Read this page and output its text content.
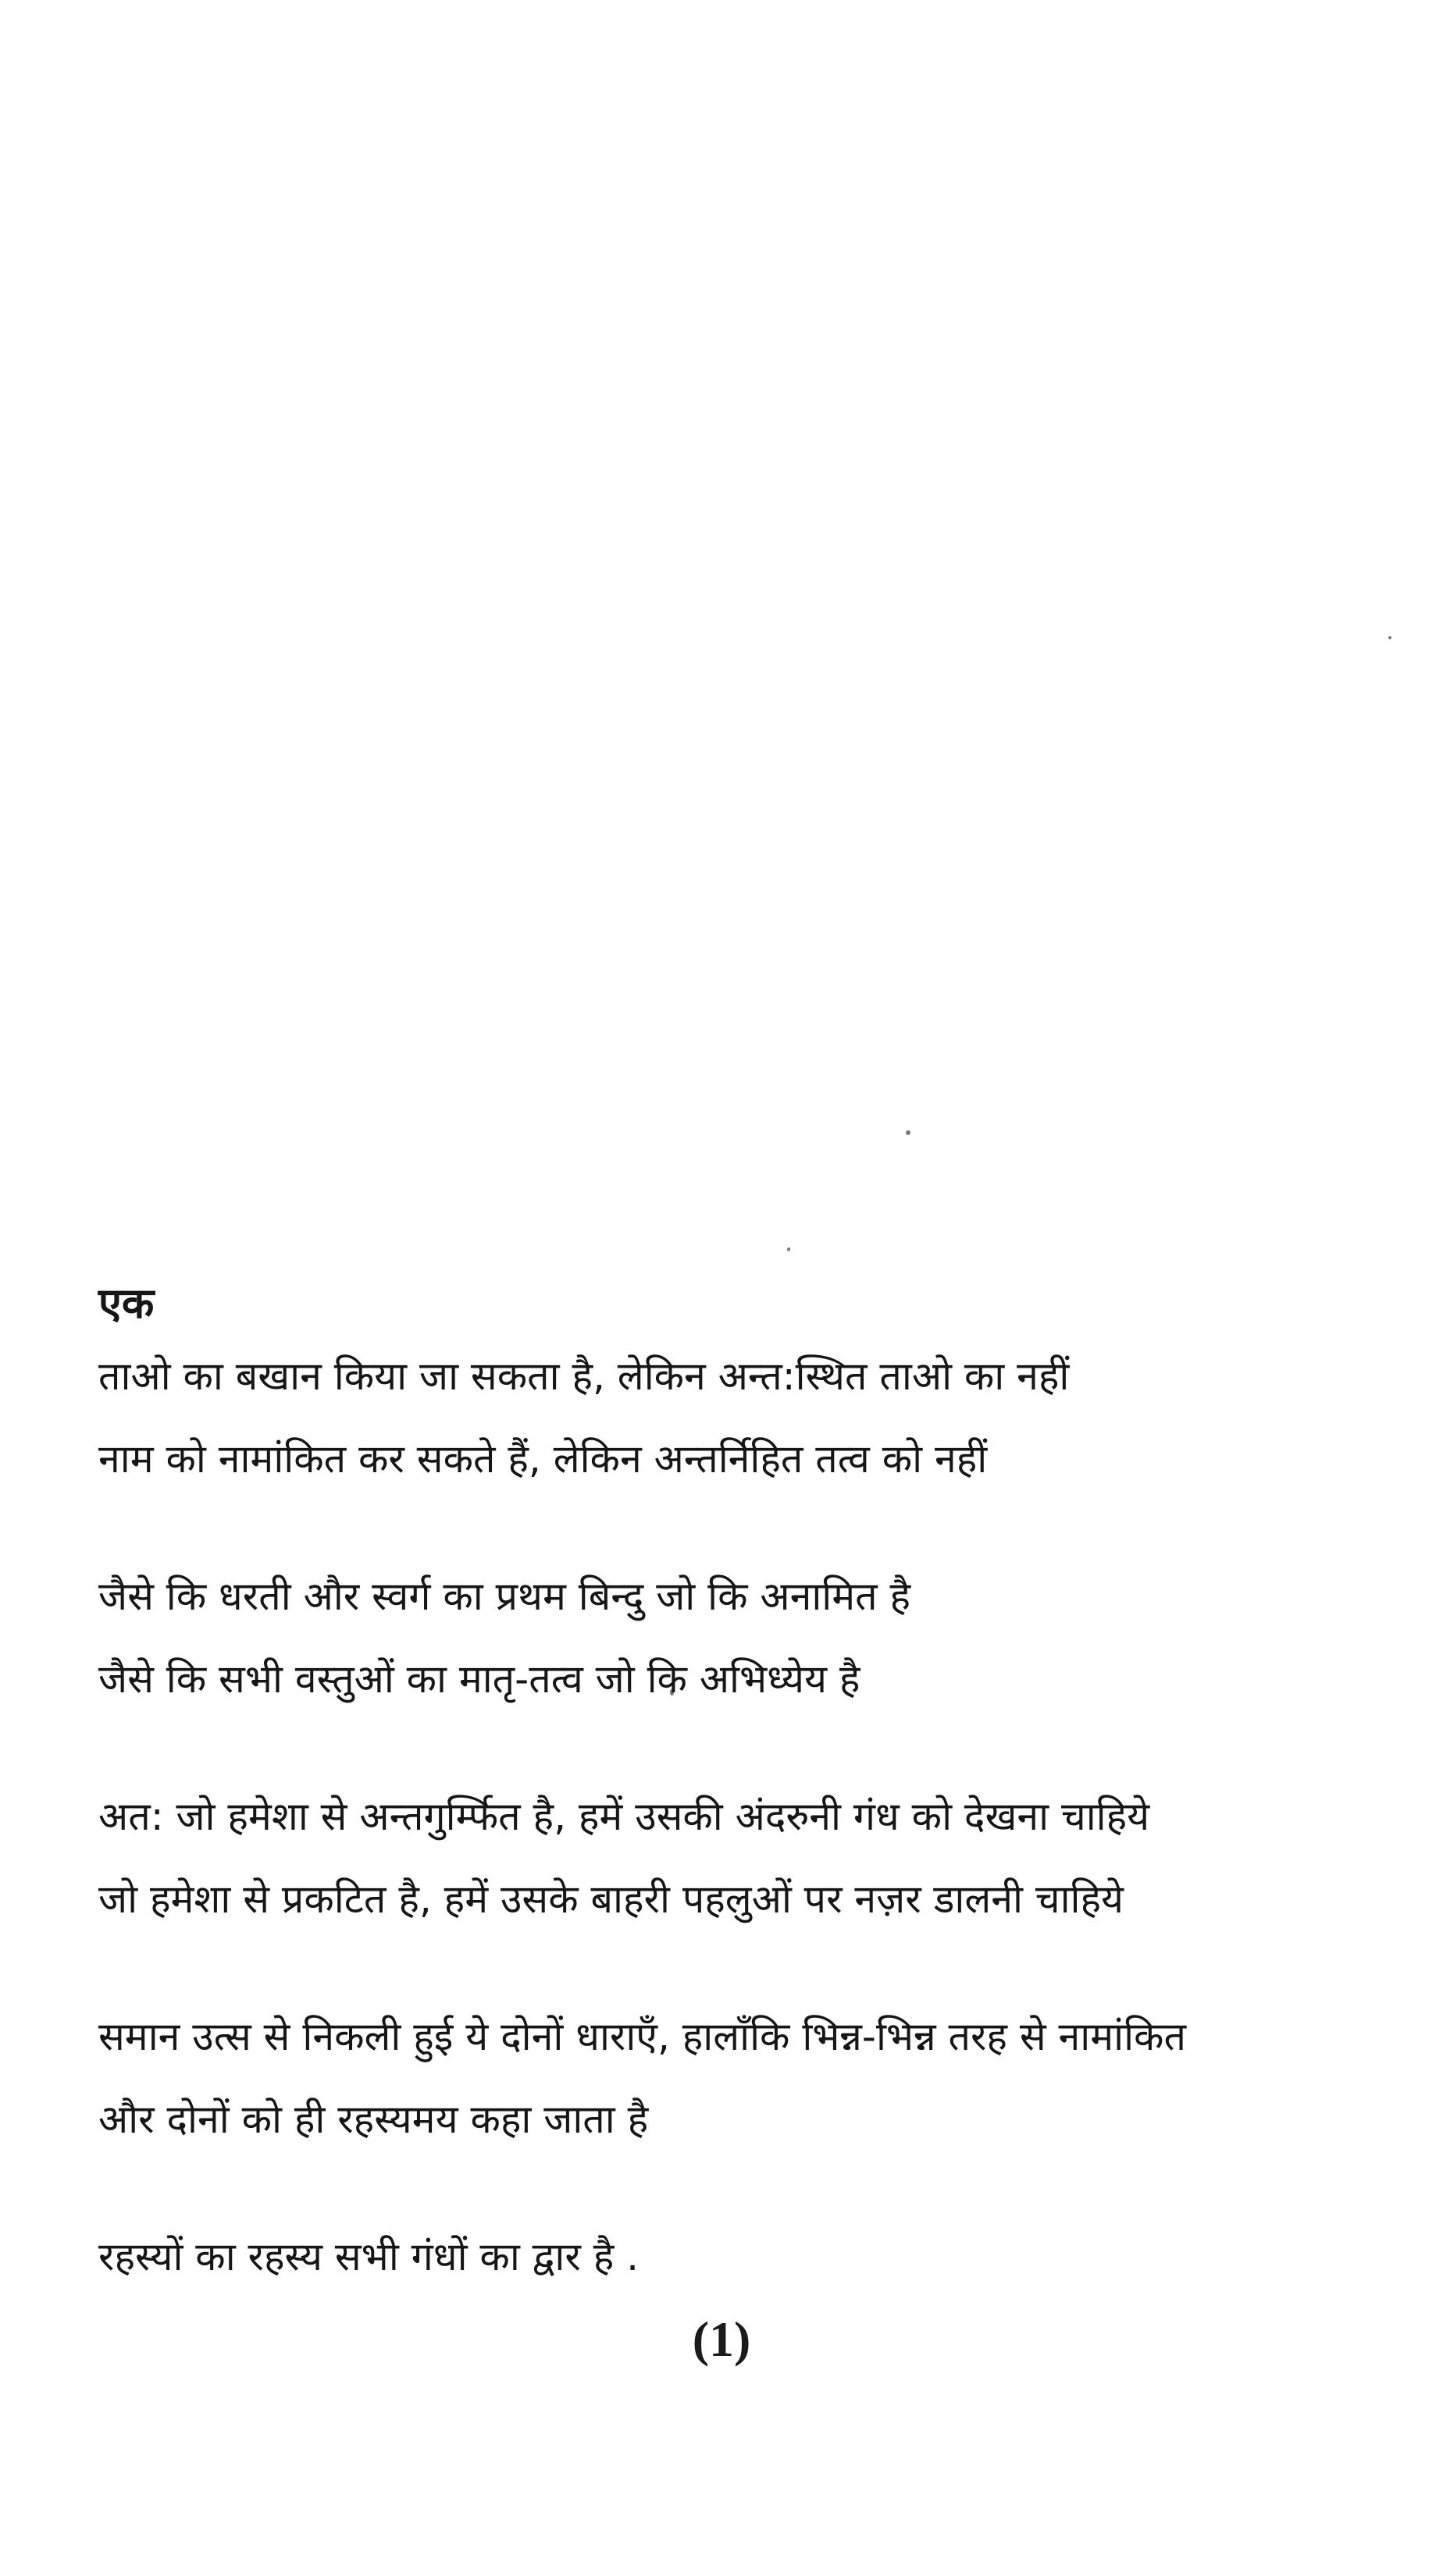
एक
ताओ का बखान किया जा सकता है, लेकिन अन्त:स्थित ताओ का नहीं
नाम को नामांकित कर सकते हैं, लेकिन अन्तर्निहित तत्व को नहीं
जैसे कि धरती और स्वर्ग का प्रथम बिन्दु जो कि अनामित है
जैसे कि सभी वस्तुओं का मातृ-तत्व जो कि अभिध्येय है
अत: जो हमेशा से अन्तगुर्म्फित है, हमें उसकी अंदरुनी गंध को देखना चाहिये
जो हमेशा से प्रकटित है, हमें उसके बाहरी पहलुओं पर नज़र डालनी चाहिये
समान उत्स से निकली हुई ये दोनों धाराएँ, हालाँकि भिन्न-भिन्न तरह से नामांकित
और दोनों को ही रहस्यमय कहा जाता है
रहस्यों का रहस्य सभी गंधों का द्वार है .
(1)
